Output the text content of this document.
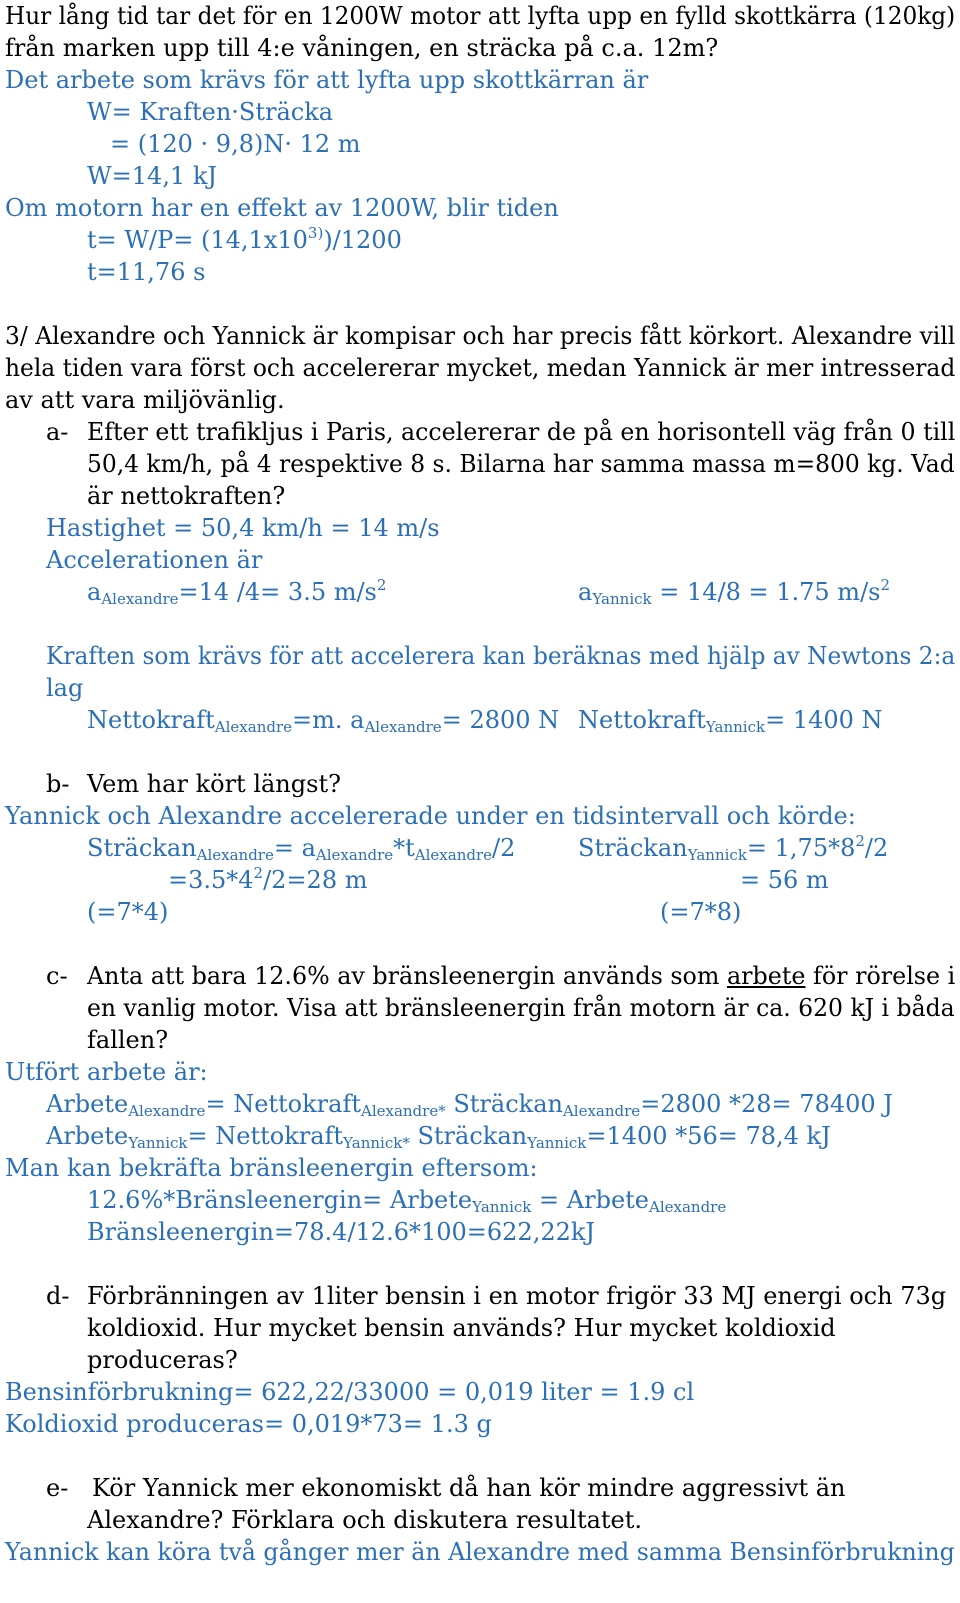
Hur lång tid tar det för en 1200W motor att lyfta upp en fylld skottkärra (120kg)
från marken upp till 4:e våningen, en sträcka på c.a. 12m?
Det arbete som krävs för att lyfta upp skottkärran är
W= Kraften·Sträcka
= (120 · 9,8)N· 12 m
W=14,1 kJ
Om motorn har en effekt av 1200W, blir tiden
$t= W/P= (14,1x10^{3)})/1200$
t=11,76 s
3/ Alexandre och Yannick är kompisar och har precis fått körkort. Alexandre vill
hela tiden vara först och accelererar mycket, medan Yannick är mer intresserad
av att vara miljövänlig.
a- Efter ett trafikljus i Paris, accelererar de på en horisontell väg från 0 till
50,4 km/h, på 4 respektive 8 s. Bilarna har samma massa m=800 kg. Vad
är nettokraften?
Hastighet = 50,4 km/h = 14 m/s
Accelerationen är
$a_{Alexandre}=14$ /4= 3.5 $m/s^2$	$a_{Yannick} = 14/8 = 1.75$ $m/s^2$
Kraften som krävs för att accelerera kan beräknas med hjälp av Newtons 2:a
lag
Nettokraft$_{Alexandre}$=m. $a_{Alexandre}= 2800$ N Nettokraft$_{Yannick}$= 1400 N
b- Vem har kört längst?
Yannick och Alexandre accelererade under en tidsintervall och körde:
Sträckan$_{Alexandre}$= $a_{Alexandre}*t_{Alexandre}/2$	Sträckan$_{Yannick}$= $1,75*8^2/2$
$=3.5*4^2/2=28$ m	= 56 m
(=7*4)	(=7*8)
c- Anta att bara 12.6% av bränsleenergin används som arbete för rörelse i
en vanlig motor. Visa att bränsleenergin från motorn är ca. 620 kJ i båda
fallen?
Utfört arbete är:
Arbete$_{Alexandre}$= Nettokraft$_{Alexandre*}$ Sträckan$_{Alexandre}$=2800 *28= 78400 J
Arbete$_{Yannick}$= Nettokraft$_{Yannick*}$ Sträckan$_{Yannick}$=1400 *56= 78,4 kJ
Man kan bekräfta bränsleenergin eftersom:
12.6%*Bränsleenergin= Arbete$_{Yannick}$ = Arbete$_{Alexandre}$
Bränsleenergin=78.4/12.6*100=622,22kJ
d- Förbränningen av 1liter bensin i en motor frigör 33 MJ energi och 73g
koldioxid. Hur mycket bensin används? Hur mycket koldioxid
produceras?
Bensinförbrukning= 622,22/33000 = 0,019 liter = 1.9 cl
Koldioxid produceras= 0,019*73= 1.3 g
e- Kör Yannick mer ekonomiskt då han kör mindre aggressivt än
Alexandre? Förklara och diskutera resultatet.
Yannick kan köra två gånger mer än Alexandre med samma Bensinförbrukning
